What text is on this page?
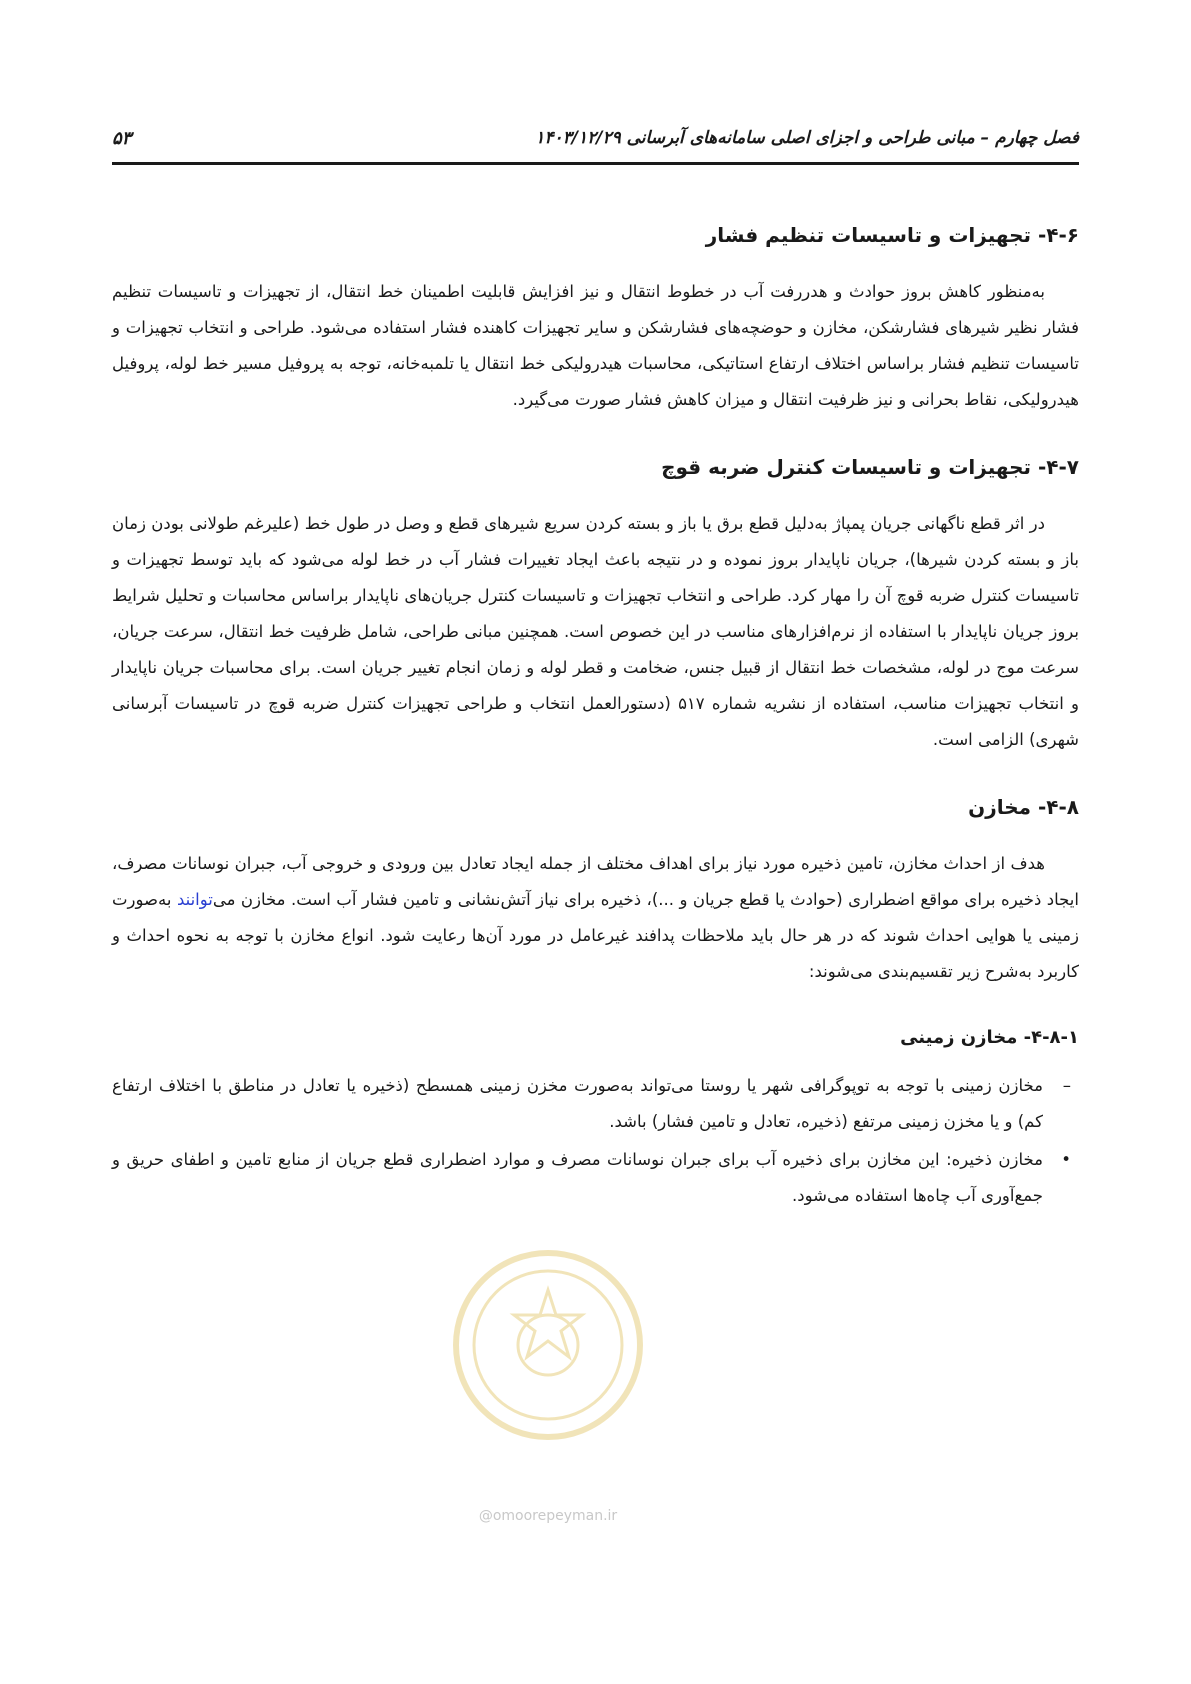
فصل چهارم – مبانی طراحی و اجزای اصلی سامانه‌های آبرسانی ۱۴۰۳/۱۲/۲۹
۵۳
۴-۶- تجهیزات و تاسیسات تنظیم فشار

به‌منظور کاهش بروز حوادث و هدررفت آب در خطوط انتقال و نیز افزایش قابلیت اطمینان خط انتقال، از تجهیزات و تاسیسات تنظیم فشار نظیر شیرهای فشارشکن، مخازن و حوضچه‌های فشارشکن و سایر تجهیزات کاهنده فشار استفاده می‌شود. طراحی و انتخاب تجهیزات و تاسیسات تنظیم فشار براساس اختلاف ارتفاع استاتیکی، محاسبات هیدرولیکی خط انتقال یا تلمبه‌خانه، توجه به پروفیل مسیر خط لوله، پروفیل هیدرولیکی، نقاط بحرانی و نیز ظرفیت انتقال و میزان کاهش فشار صورت می‌گیرد.

۴-۷- تجهیزات و تاسیسات کنترل ضربه قوچ

در اثر قطع ناگهانی جریان پمپاژ به‌دلیل قطع برق یا باز و بسته کردن سریع شیرهای قطع و وصل در طول خط (علیرغم طولانی بودن زمان باز و بسته کردن شیرها)، جریان ناپایدار بروز نموده و در نتیجه باعث ایجاد تغییرات فشار آب در خط لوله می‌شود که باید توسط تجهیزات و تاسیسات کنترل ضربه قوچ آن را مهار کرد. طراحی و انتخاب تجهیزات و تاسیسات کنترل جریان‌های ناپایدار براساس محاسبات و تحلیل شرایط بروز جریان ناپایدار با استفاده از نرم‌افزارهای مناسب در این خصوص است. همچنین مبانی طراحی، شامل ظرفیت خط انتقال، سرعت جریان، سرعت موج در لوله، مشخصات خط انتقال از قبیل جنس، ضخامت و قطر لوله و زمان انجام تغییر جریان است. برای محاسبات جریان ناپایدار و انتخاب تجهیزات مناسب، استفاده از نشریه شماره ۵۱۷ (دستورالعمل انتخاب و طراحی تجهیزات کنترل ضربه قوچ در تاسیسات آبرسانی شهری) الزامی است.

۴-۸- مخازن

هدف از احداث مخازن، تامین ذخیره مورد نیاز برای اهداف مختلف از جمله ایجاد تعادل بین ورودی و خروجی آب، جبران نوسانات مصرف، ایجاد ذخیره برای مواقع اضطراری (حوادث یا قطع جریان و ...)، ذخیره برای نیاز آتش‌نشانی و تامین فشار آب است. مخازن می‌توانند به‌صورت زمینی یا هوایی احداث شوند که در هر حال باید ملاحظات پدافند غیرعامل در مورد آن‌ها رعایت شود. انواع مخازن با توجه به نحوه احداث و کاربرد به‌شرح زیر تقسیم‌بندی می‌شوند:

۴-۸-۱- مخازن زمینی
–
مخازن زمینی با توجه به توپوگرافی شهر یا روستا می‌تواند به‌صورت مخزن زمینی همسطح (ذخیره یا تعادل در مناطق با اختلاف ارتفاع کم) و یا مخزن زمینی مرتفع (ذخیره، تعادل و تامین فشار) باشد.
•
مخازن ذخیره: این مخازن برای ذخیره آب برای جبران نوسانات مصرف و موارد اضطراری قطع جریان از منابع تامین و اطفای حریق و جمع‌آوری آب چاه‌ها استفاده می‌شود.
@omoorepeyman.ir
